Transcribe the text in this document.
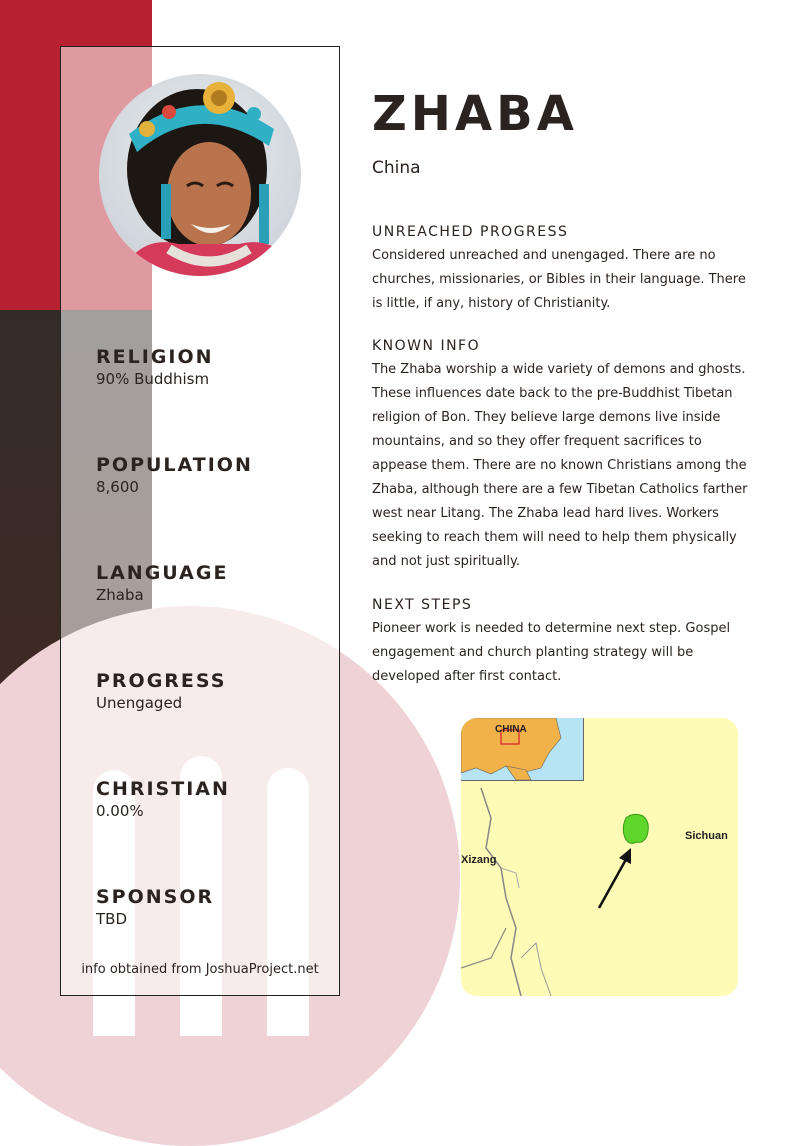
RELIGION
90% Buddhism
POPULATION
8,600
LANGUAGE
Zhaba
PROGRESS
Unengaged
CHRISTIAN
0.00%
SPONSOR
TBD
info obtained from JoshuaProject.net
ZHABA
China
UNREACHED PROGRESS
Considered unreached and unengaged. There are no churches, missionaries, or Bibles in their language. There is little, if any, history of Christianity.
KNOWN INFO
The Zhaba worship a wide variety of demons and ghosts. These influences date back to the pre-Buddhist Tibetan religion of Bon. They believe large demons live inside mountains, and so they offer frequent sacrifices to appease them. There are no known Christians among the Zhaba, although there are a few Tibetan Catholics farther west near Litang. The Zhaba lead hard lives. Workers seeking to reach them will need to help them physically and not just spiritually.
NEXT STEPS
Pioneer work is needed to determine next step. Gospel engagement and church planting strategy will be developed after first contact.
CHINA
Xizang
Sichuan
